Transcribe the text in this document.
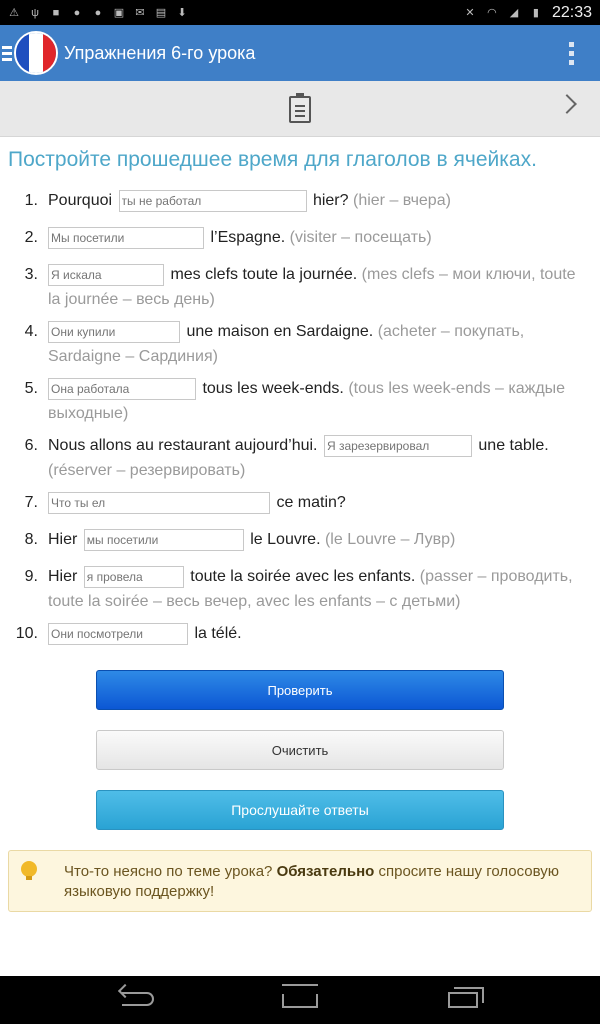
⚠ ψ ■ ● ● ▣ ✉ ▤ ⬇	✕ ◠ ◢ ▮ 22:33
Упражнения 6-го урока
Постройте прошедшее время для глаголов в ячейках.
1. Pourquoi ты не работал	hier? (hier – вчера)
2.
Мы посетили	l’Espagne. (visiter – посещать)
3.
Я искала	mes clefs toute la journée. (mes clefs – мои ключи, toute la journée – весь день)
4.
Они купили	une maison en Sardaigne. (acheter – покупать, Sardaigne – Сардиния)
5.
Она работала	tous les week-ends. (tous les week-ends – каждые выходные)
6. Nous allons au restaurant aujourd’hui. Я зарезервировал	une table. (réserver – резервировать)
7.
Что ты ел	ce matin?
8. Hier мы посетили	le Louvre. (le Louvre – Лувр)
9. Hier я провела	toute la soirée avec les enfants. (passer – проводить, toute la soirée – весь вечер, avec les enfants – с детьми)
10.
Они посмотрели	la télé.
Проверить
Очистить
Прослушайте ответы
Что-то неясно по теме урока? Обязательно спросите нашу голосовую языковую поддержку!
